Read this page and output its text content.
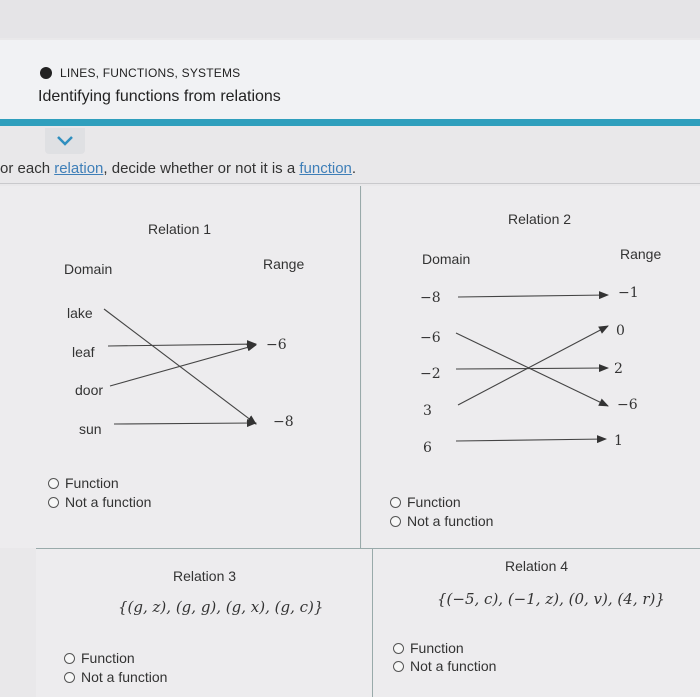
LINES, FUNCTIONS, SYSTEMS
Identifying functions from relations
or each relation, decide whether or not it is a function.
Relation 1
Domain	Range
lake
leaf
door
sun
−6
−8
Function
Not a function
Relation 2
Domain	Range
−8
−6
−2
3
6
−1
0
2
−6
1
Function
Not a function
Relation 3
{(g, z), (g, g), (g, x), (g, c)}
Function
Not a function
Relation 4
{(−5, c), (−1, z), (0, v), (4, r)}
Function
Not a function
